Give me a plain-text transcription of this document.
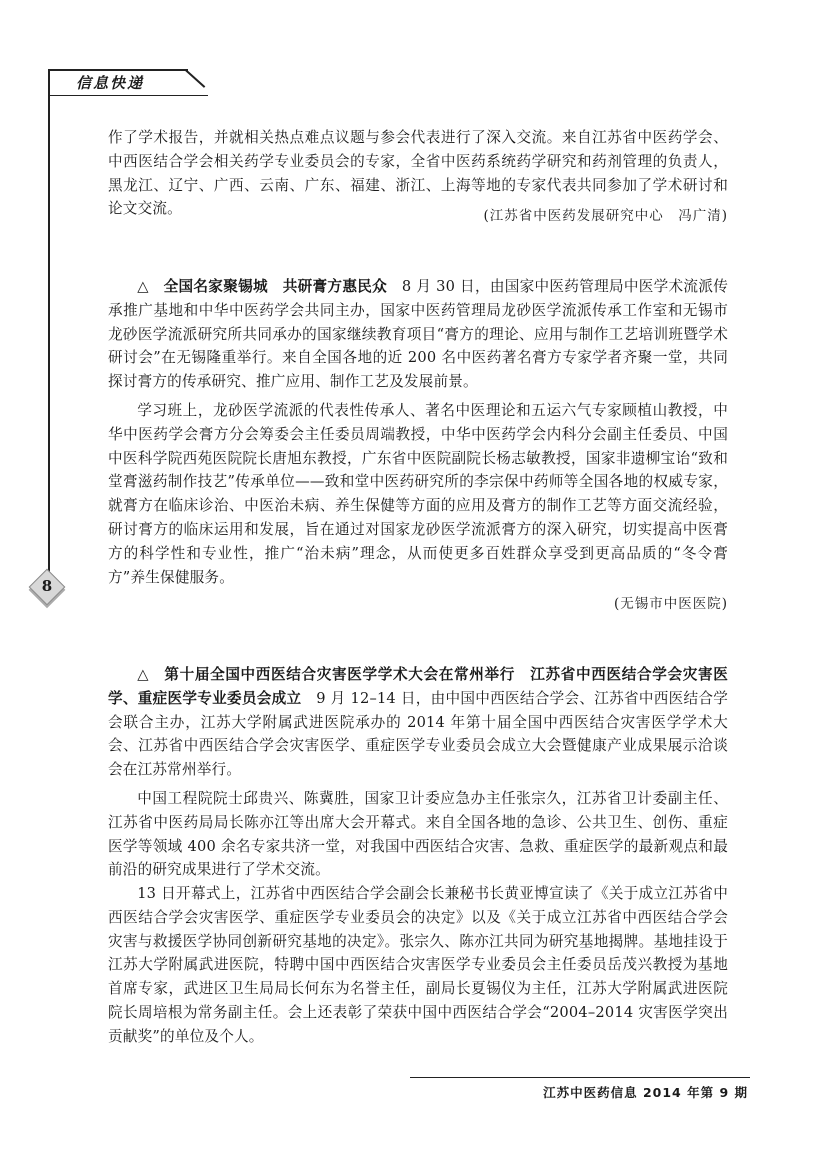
信息快递
8
作了学术报告，并就相关热点难点议题与参会代表进行了深入交流。来自江苏省中医药学会、中西医结合学会相关药学专业委员会的专家，全省中医药系统药学研究和药剂管理的负责人，黑龙江、辽宁、广西、云南、广东、福建、浙江、上海等地的专家代表共同参加了学术研讨和论文交流。	(江苏省中医药发展研究中心　冯广清)
△　 全国名家聚锡城　共研膏方惠民众　 8 月 30 日，由国家中医药管理局中医学术流派传承推广基地和中华中医药学会共同主办，国家中医药管理局龙砂医学流派传承工作室和无锡市龙砂医学流派研究所共同承办的国家继续教育项目“膏方的理论、应用与制作工艺培训班暨学术研讨会”在无锡隆重举行。来自全国各地的近 200 名中医药著名膏方专家学者齐聚一堂，共同探讨膏方的传承研究、推广应用、制作工艺及发展前景。
学习班上，龙砂医学流派的代表性传承人、著名中医理论和五运六气专家顾植山教授，中华中医药学会膏方分会筹委会主任委员周端教授，中华中医药学会内科分会副主任委员、中国中医科学院西苑医院院长唐旭东教授，广东省中医院副院长杨志敏教授，国家非遗柳宝诒“致和堂膏滋药制作技艺”传承单位——致和堂中医药研究所的李宗保中药师等全国各地的权威专家，就膏方在临床诊治、中医治未病、养生保健等方面的应用及膏方的制作工艺等方面交流经验，研讨膏方的临床运用和发展，旨在通过对国家龙砂医学流派膏方的深入研究，切实提高中医膏方的科学性和专业性，推广“治未病”理念，从而使更多百姓群众享受到更高品质的“冬令膏方”养生保健服务。
(无锡市中医医院)
△　 第十届全国中西医结合灾害医学学术大会在常州举行　江苏省中西医结合学会灾害医学、重症医学专业委员会成立　 9 月 12–14 日，由中国中西医结合学会、江苏省中西医结合学会联合主办，江苏大学附属武进医院承办的 2014 年第十届全国中西医结合灾害医学学术大会、江苏省中西医结合学会灾害医学、重症医学专业委员会成立大会暨健康产业成果展示洽谈会在江苏常州举行。
中国工程院院士邱贵兴、陈冀胜，国家卫计委应急办主任张宗久，江苏省卫计委副主任、江苏省中医药局局长陈亦江等出席大会开幕式。来自全国各地的急诊、公共卫生、创伤、重症医学等领域 400 余名专家共济一堂，对我国中西医结合灾害、急救、重症医学的最新观点和最前沿的研究成果进行了学术交流。
13 日开幕式上，江苏省中西医结合学会副会长兼秘书长黄亚博宣读了《关于成立江苏省中西医结合学会灾害医学、重症医学专业委员会的决定》以及《关于成立江苏省中西医结合学会灾害与救援医学协同创新研究基地的决定》。张宗久、陈亦江共同为研究基地揭牌。基地挂设于江苏大学附属武进医院，特聘中国中西医结合灾害医学专业委员会主任委员岳茂兴教授为基地首席专家，武进区卫生局局长何东为名誉主任，副局长夏锡仪为主任，江苏大学附属武进医院院长周培根为常务副主任。会上还表彰了荣获中国中西医结合学会“2004–2014 灾害医学突出贡献奖”的单位及个人。
江苏中医药信息 2014 年第 9 期
